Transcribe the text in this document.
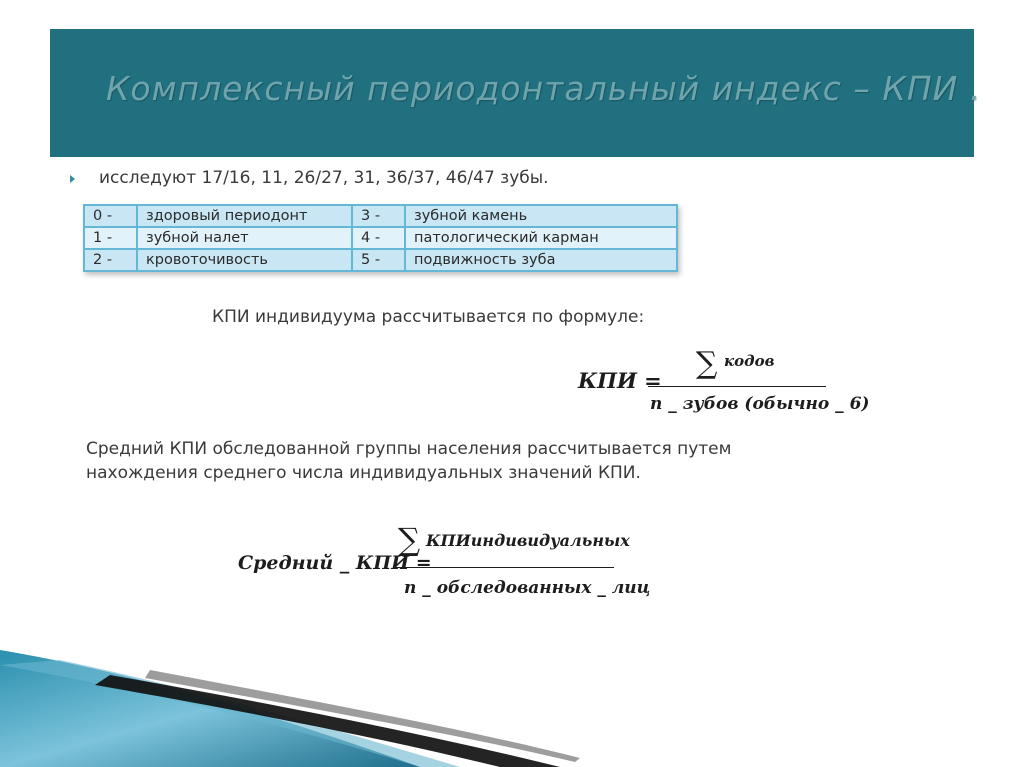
Комплексный периодонтальный индекс – КПИ .
исследуют 17/16, 11, 26/27, 31, 36/37, 46/47 зубы.
0 -	здоровый периодонт	3 -	зубной камень
1 -	зубной налет	4 -	патологический карман
2 -	кровоточивость	5 -	подвижность зуба
КПИ индивидуума рассчитывается по формуле:
КПИ = ∑ кодов
n _ зубов (обычно _ 6)
Средний КПИ обследованной группы населения рассчитывается путем нахождения среднего числа индивидуальных значений КПИ.
Средний _ КПИ =
∑ КПИиндивидуальных
n _ обследованных _ лиц
